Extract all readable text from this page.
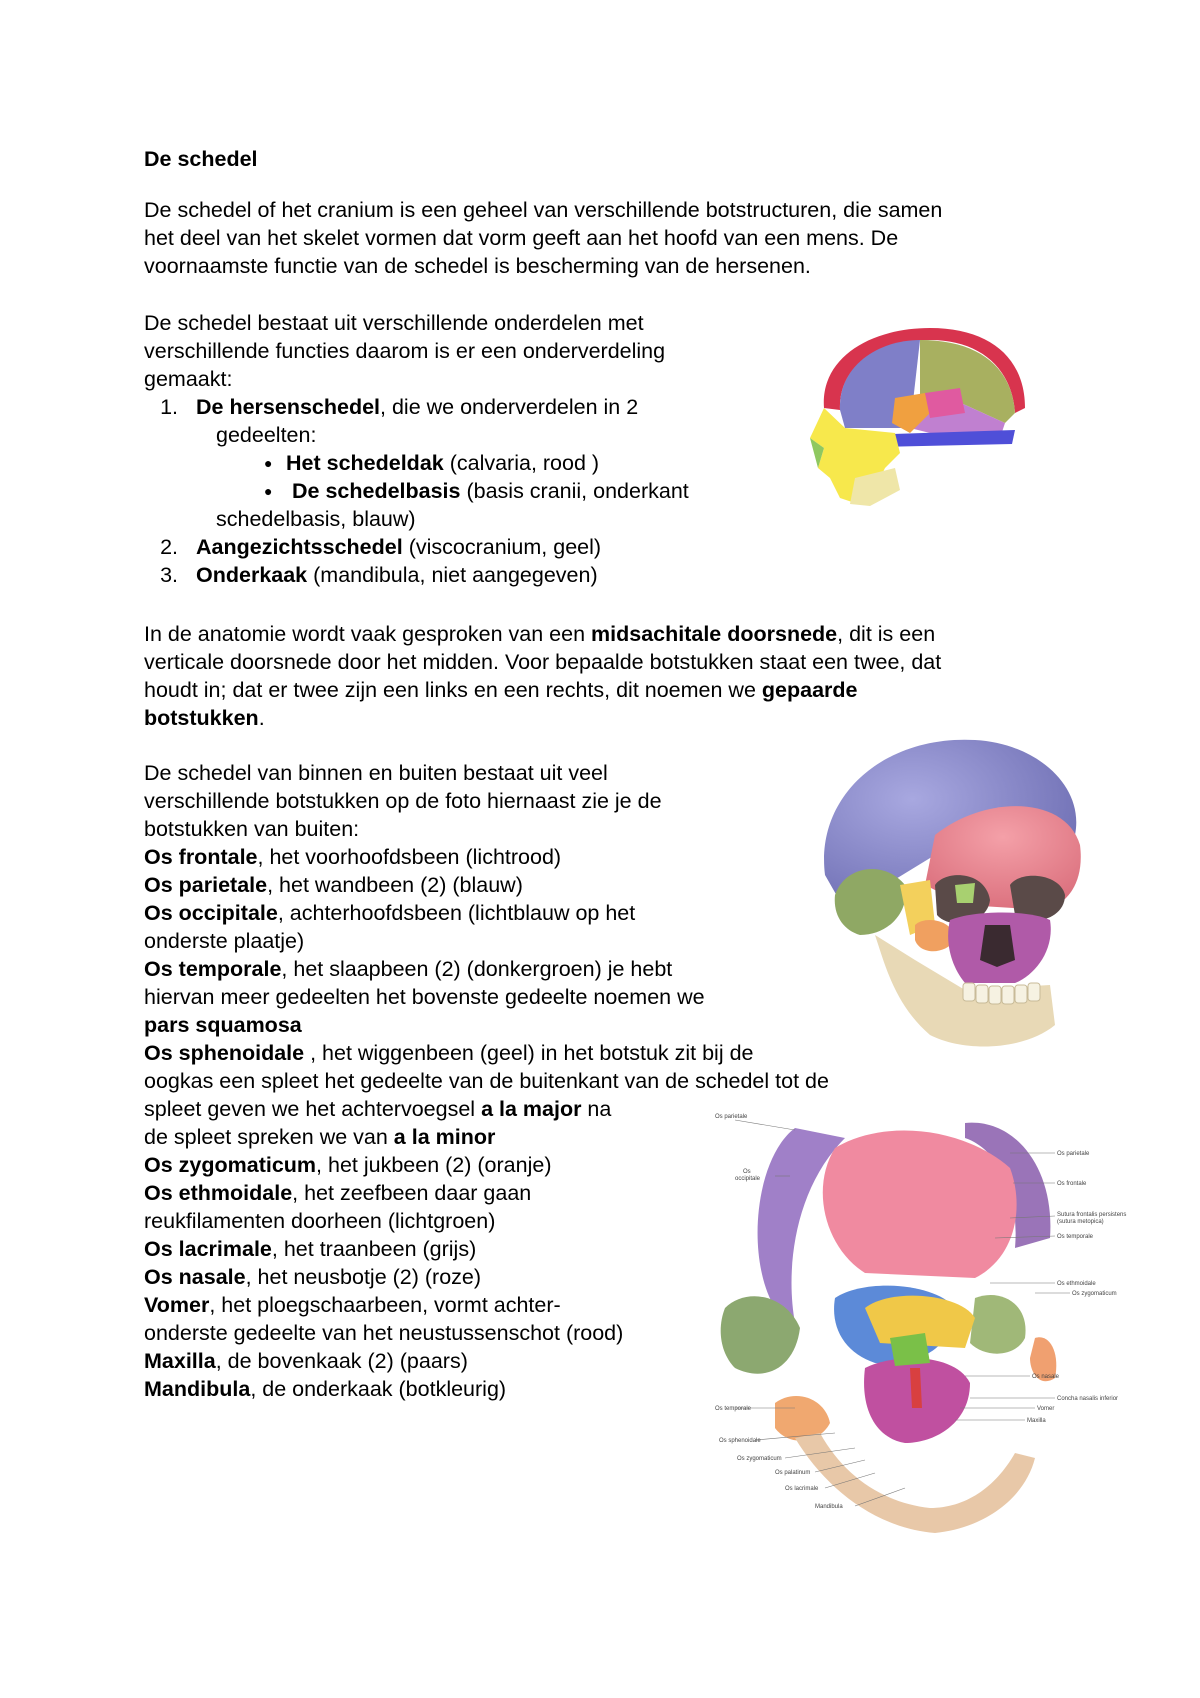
De schedel

De schedel of het cranium is een geheel van verschillende botstructuren, die samen

het deel van het skelet vormen dat vorm geeft aan het hoofd van een mens. De

voornaamste functie van de schedel is bescherming van de hersenen.

De schedel bestaat uit verschillende onderdelen met

verschillende functies daarom is er een onderverdeling

gemaakt:

1. De hersenschedel, die we onderverdelen in 2

gedeelten:

● Het schedeldak (calvaria, rood )

● De schedelbasis (basis cranii, onderkant

schedelbasis, blauw)

2. Aangezichtsschedel (viscocranium, geel)

3. Onderkaak (mandibula, niet aangegeven)

In de anatomie wordt vaak gesproken van een midsachitale doorsnede, dit is een

verticale doorsnede door het midden. Voor bepaalde botstukken staat een twee, dat

houdt in; dat er twee zijn een links en een rechts, dit noemen we gepaarde

botstukken.

De schedel van binnen en buiten bestaat uit veel

verschillende botstukken op de foto hiernaast zie je de

botstukken van buiten:

Os frontale, het voorhoofdsbeen (lichtrood)

Os parietale, het wandbeen (2) (blauw)

Os occipitale, achterhoofdsbeen (lichtblauw op het

onderste plaatje)

Os temporale, het slaapbeen (2) (donkergroen) je hebt

hiervan meer gedeelten het bovenste gedeelte noemen we

pars squamosa

Os sphenoidale , het wiggenbeen (geel) in het botstuk zit bij de

oogkas een spleet het gedeelte van de buitenkant van de schedel tot de

spleet geven we het achtervoegsel a la major na

de spleet spreken we van a la minor

Os zygomaticum, het jukbeen (2) (oranje)

Os ethmoidale, het zeefbeen daar gaan

reukfilamenten doorheen (lichtgroen)

Os lacrimale, het traanbeen (grijs)

Os nasale, het neusbotje (2) (roze)

Vomer, het ploegschaarbeen, vormt achter-

onderste gedeelte van het neustussenschot (rood)

Maxilla, de bovenkaak (2) (paars)

Mandibula, de onderkaak (botkleurig)

Os parietale
Os parietale
Os frontale
Sutura frontalis persistens
(sutura metopica)
Os temporale
Os
occipitale
Os ethmoidale
Os zygomaticum
Os nasale
Concha nasalis inferior
Vomer
Maxilla
Os temporale
Os sphenoidale
Os zygomaticum
Os palatinum
Os lacrimale
Mandibula
